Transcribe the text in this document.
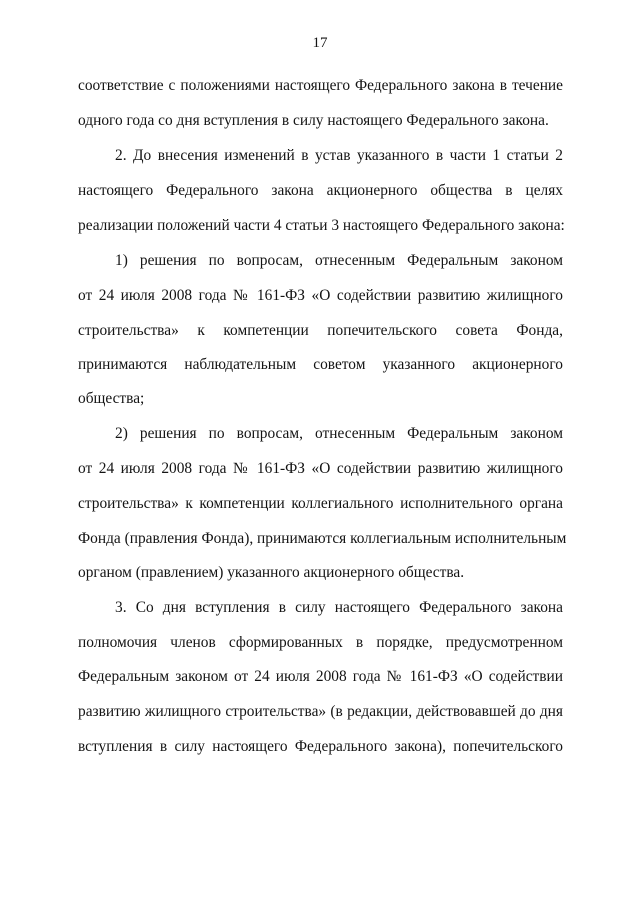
17
соответствие с положениями настоящего Федерального закона в течение
одного года со дня вступления в силу настоящего Федерального закона.
2. До внесения изменений в устав указанного в части 1 статьи 2
настоящего Федерального закона акционерного общества в целях
реализации положений части 4 статьи 3 настоящего Федерального закона:
1) решения по вопросам, отнесенным Федеральным законом
от 24 июля 2008 года № 161-ФЗ «О содействии развитию жилищного
строительства» к компетенции попечительского совета Фонда,
принимаются наблюдательным советом указанного акционерного
общества;
2) решения по вопросам, отнесенным Федеральным законом
от 24 июля 2008 года № 161-ФЗ «О содействии развитию жилищного
строительства» к компетенции коллегиального исполнительного органа
Фонда (правления Фонда), принимаются коллегиальным исполнительным
органом (правлением) указанного акционерного общества.
3. Со дня вступления в силу настоящего Федерального закона
полномочия членов сформированных в порядке, предусмотренном
Федеральным законом от 24 июля 2008 года № 161-ФЗ «О содействии
развитию жилищного строительства» (в редакции, действовавшей до дня
вступления в силу настоящего Федерального закона), попечительского
